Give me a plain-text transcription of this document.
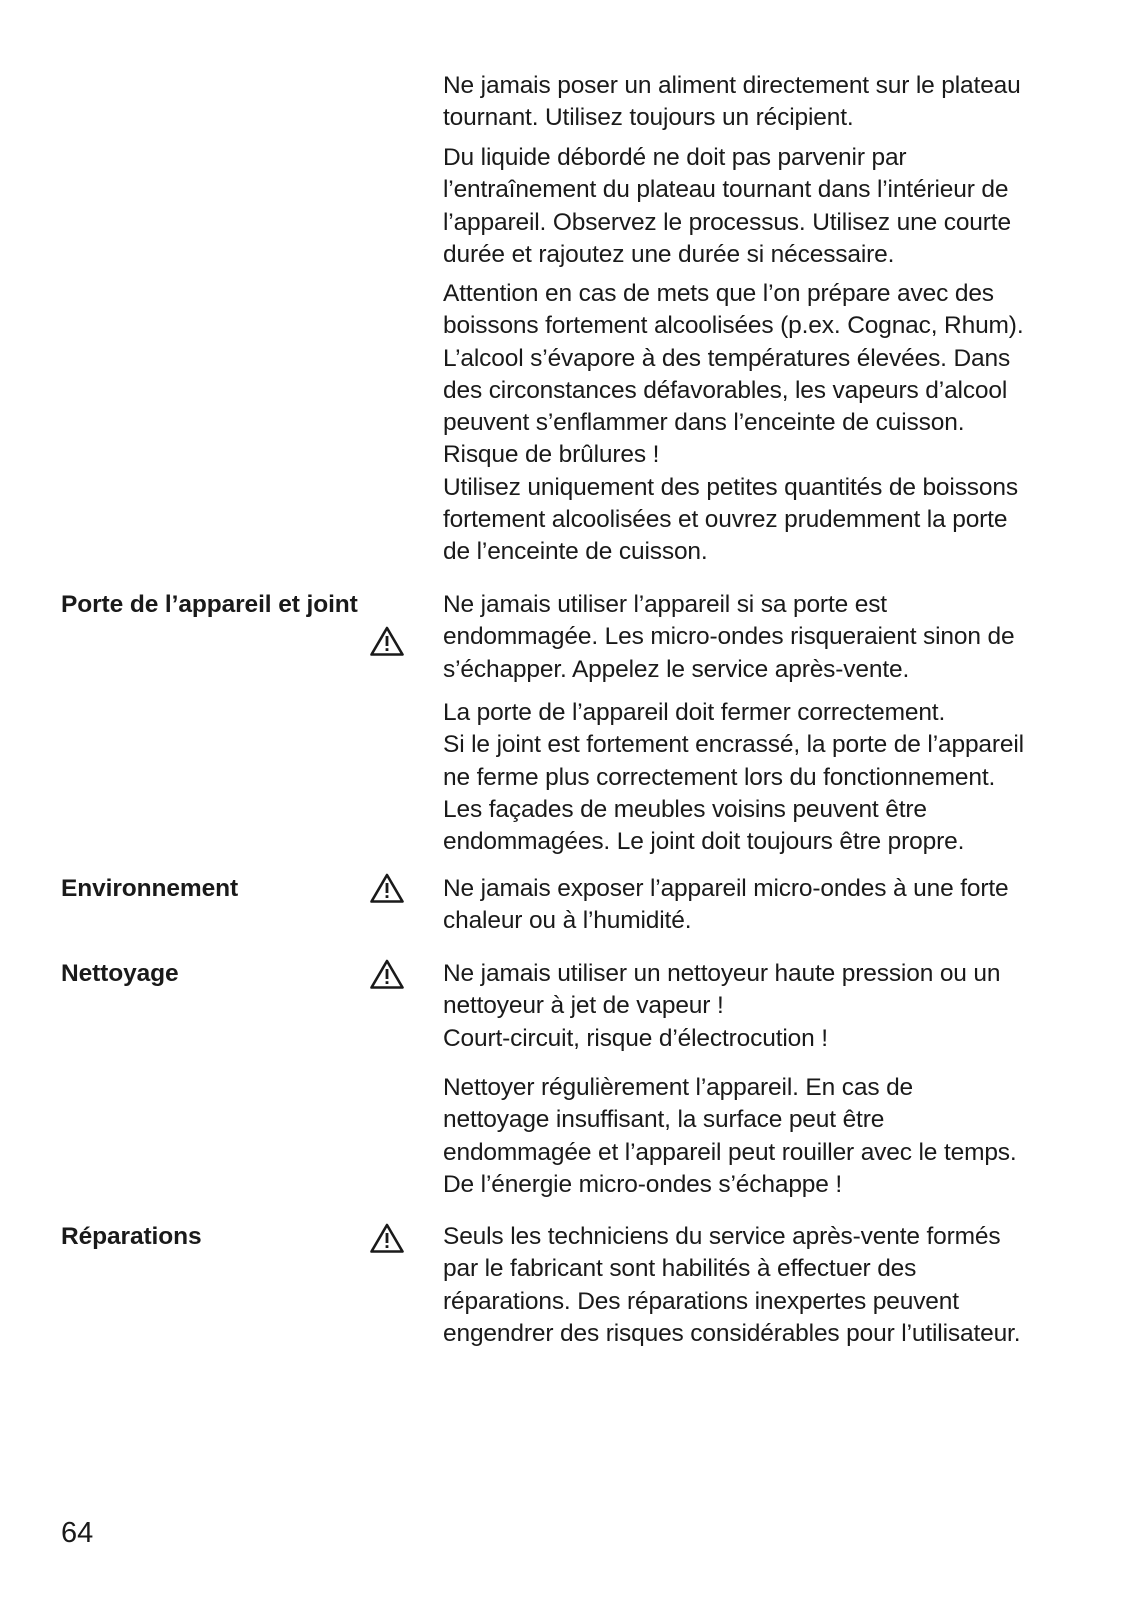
Ne jamais poser un aliment directement sur le plateau
tournant. Utilisez toujours un récipient.
Du liquide débordé ne doit pas parvenir par
l’entraînement du plateau tournant dans l’intérieur de
l’appareil. Observez le processus. Utilisez une courte
durée et rajoutez une durée si nécessaire.
Attention en cas de mets que l’on prépare avec des
boissons fortement alcoolisées (p.ex. Cognac, Rhum).
L’alcool s’évapore à des températures élevées. Dans
des circonstances défavorables, les vapeurs d’alcool
peuvent s’enflammer dans l’enceinte de cuisson.
Risque de brûlures !
Utilisez uniquement des petites quantités de boissons
fortement alcoolisées et ouvrez prudemment la porte
de l’enceinte de cuisson.
Porte de l’appareil et joint	Ne jamais utiliser l’appareil si sa porte est
endommagée. Les micro-ondes risqueraient sinon de
s’échapper. Appelez le service après-vente.
La porte de l’appareil doit fermer correctement.
Si le joint est fortement encrassé, la porte de l’appareil
ne ferme plus correctement lors du fonctionnement.
Les façades de meubles voisins peuvent être
endommagées. Le joint doit toujours être propre.
Environnement	Ne jamais exposer l’appareil micro-ondes à une forte
chaleur ou à l’humidité.
Nettoyage	Ne jamais utiliser un nettoyeur haute pression ou un
nettoyeur à jet de vapeur !
Court-circuit, risque d’électrocution !
Nettoyer régulièrement l’appareil. En cas de
nettoyage insuffisant, la surface peut être
endommagée et l’appareil peut rouiller avec le temps.
De l’énergie micro-ondes s’échappe !
Réparations	Seuls les techniciens du service après-vente formés
par le fabricant sont habilités à effectuer des
réparations. Des réparations inexpertes peuvent
engendrer des risques considérables pour l’utilisateur.
64
